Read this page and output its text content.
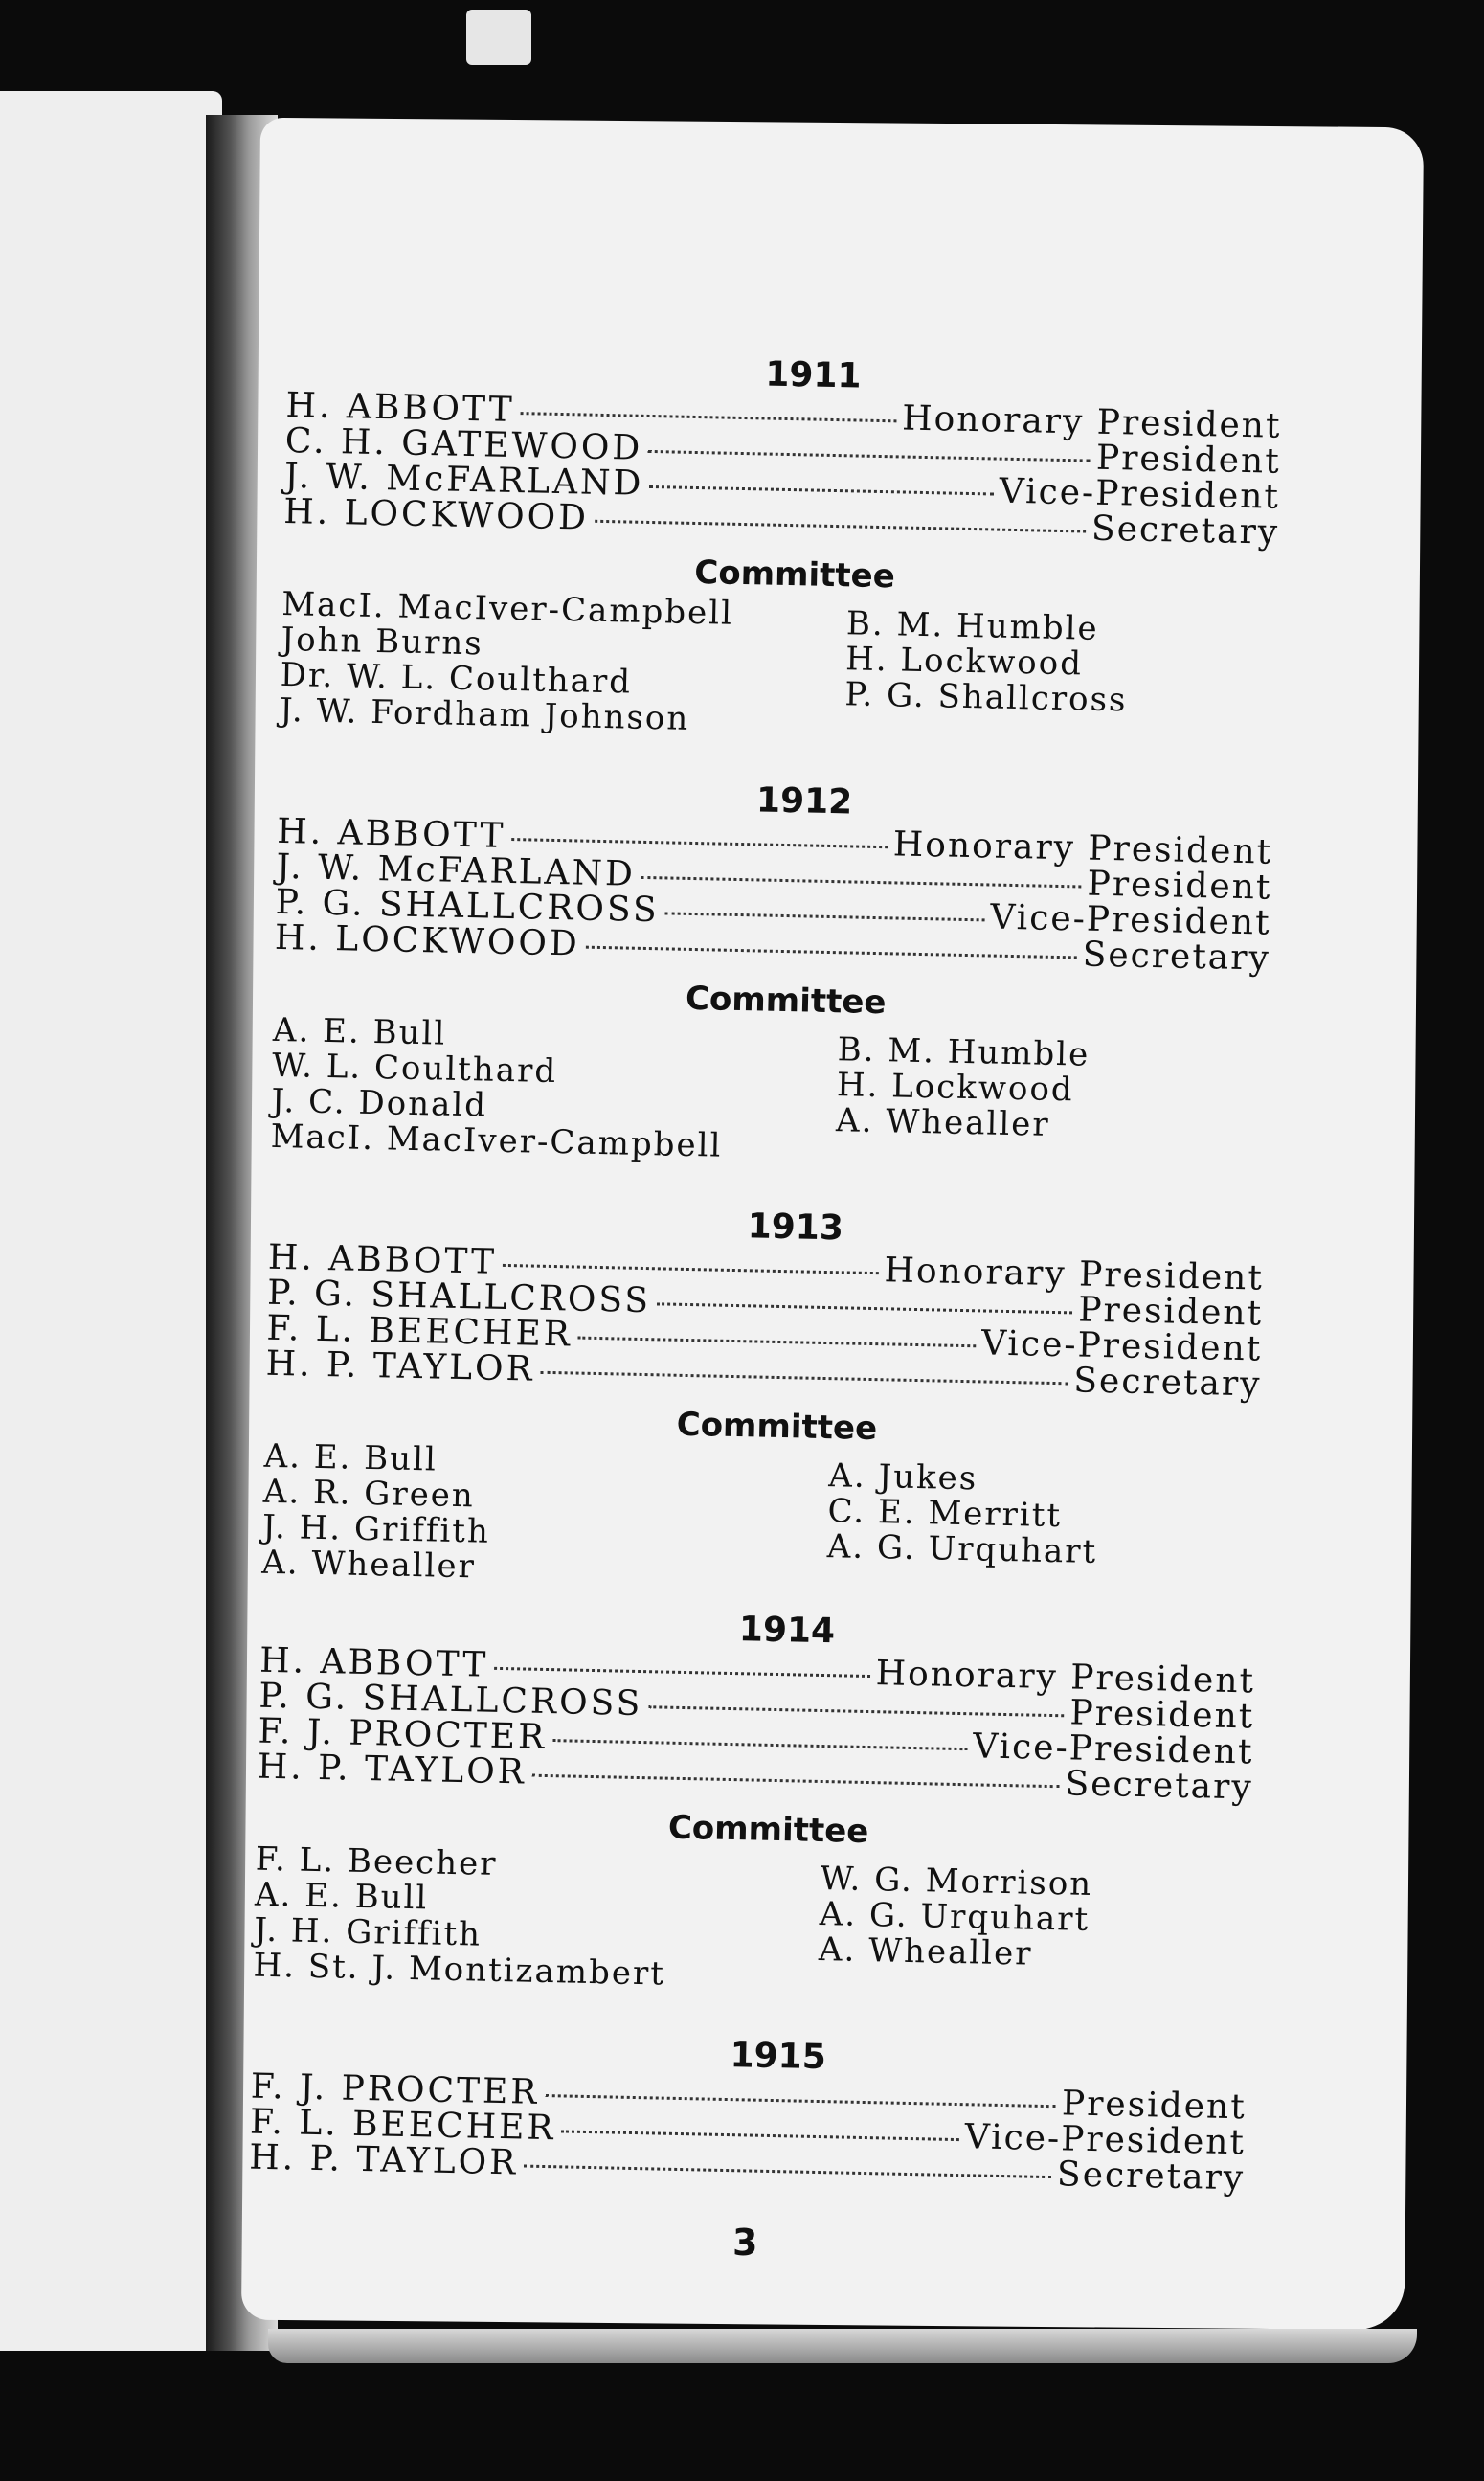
1911
H. ABBOTT	Honorary President
C. H. GATEWOOD	President
J. W. McFARLAND	Vice-President
H. LOCKWOOD	Secretary
Committee
MacI. MacIver-Campbell
John Burns
Dr. W. L. Coulthard
J. W. Fordham Johnson
B. M. Humble
H. Lockwood
P. G. Shallcross
1912
H. ABBOTT	Honorary President
J. W. McFARLAND	President
P. G. SHALLCROSS	Vice-President
H. LOCKWOOD	Secretary
Committee
A. E. Bull
W. L. Coulthard
J. C. Donald
MacI. MacIver-Campbell
B. M. Humble
H. Lockwood
A. Whealler
1913
H. ABBOTT	Honorary President
P. G. SHALLCROSS	President
F. L. BEECHER	Vice-President
H. P. TAYLOR	Secretary
Committee
A. E. Bull
A. R. Green
J. H. Griffith
A. Whealler
A. Jukes
C. E. Merritt
A. G. Urquhart
1914
H. ABBOTT	Honorary President
P. G. SHALLCROSS	President
F. J. PROCTER	Vice-President
H. P. TAYLOR	Secretary
Committee
F. L. Beecher
A. E. Bull
J. H. Griffith
H. St. J. Montizambert
W. G. Morrison
A. G. Urquhart
A. Whealler
1915
F. J. PROCTER	President
F. L. BEECHER	Vice-President
H. P. TAYLOR	Secretary
3
